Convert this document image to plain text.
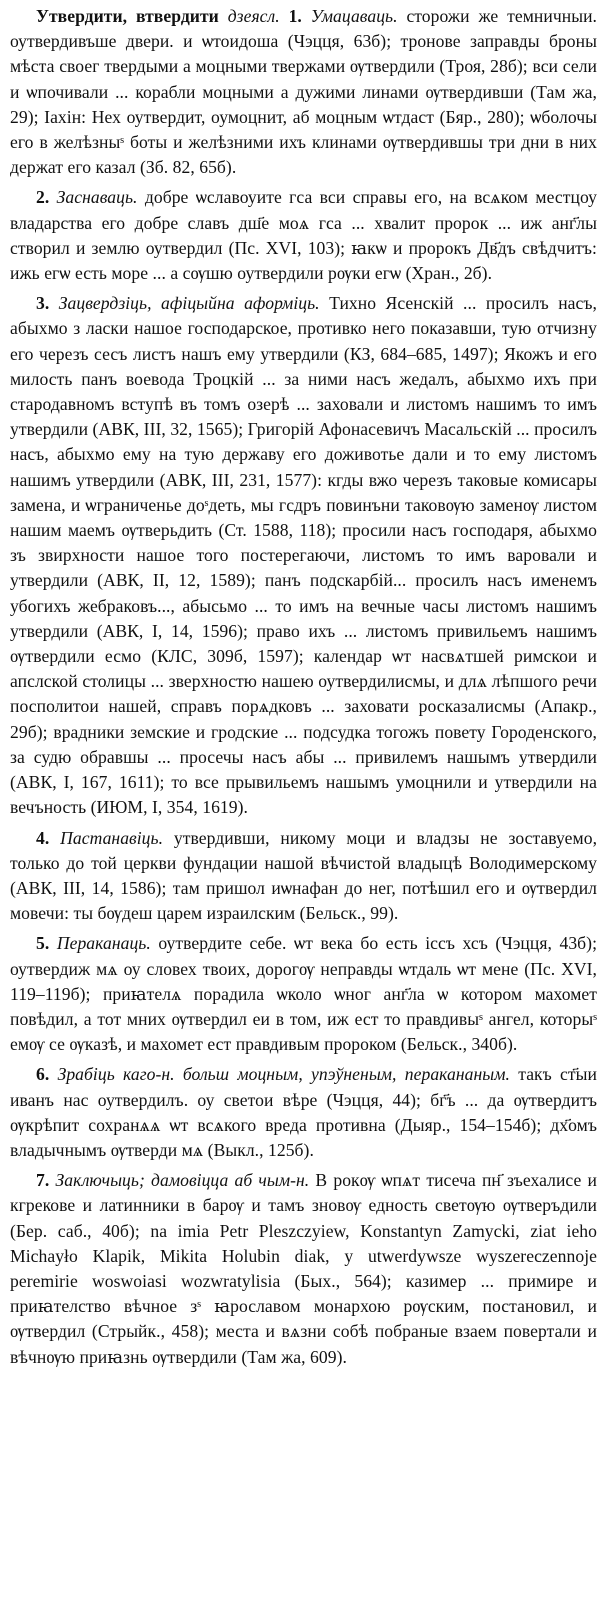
Утвердити, втвердити дзеясл. 1. Умацаваць. сторожи же темничныи. оутвердивъше двери. и ѡтоидоша (Чэцця, 63б); тронове заправды броны мѣста своег твердыми а моцными твержами ѹтвердили (Троя, 28б); вси сели и ѡпочивали ... корабли моцными а дужими линами ѹтвердивши (Там жа, 29); Іахін: Нех оутвердит, оумоцнит, аб моцным ѡтдаст (Бяр., 280); ѡболочы его в желѣзныˢ боты и желѣзними ихъ клинами ѹтвердившы три дни в них держат его казал (Зб. 82, 65б).

2. Заснаваць. добре ѡславоуите гса вси справы его, на всѧком местцоу владарства его добре славъ дш҃е моѧ гса ... хвалит пророк ... иж анг҃лы створил и землю оутвердил (Пс. XVI, 103); ꙗкѡ и пророкъ Дв҃дъ свѣдчитъ: ижь егѡ есть море ... а сѹшю оутвердили рѹки егѡ (Хран., 2б).

3. Зацвердзіць, афіцыйна аформіць. Тихно Ясенскій ... просилъ насъ, абыхмо з ласки нашое господарское, противко него показавши, тую отчизну его черезъ сесъ листъ нашъ ему утвердили (КЗ, 684–685, 1497); Якожъ и его милость панъ воевода Троцкій ... за ними насъ жедалъ, абыхмо ихъ при стародавномъ вступѣ въ томъ озерѣ ... заховали и листомъ нашимъ то имъ утвердили (АВК, III, 32, 1565); Григорій Афонасевичъ Масальскій ... просилъ насъ, абыхмо ему на тую державу его доживотье дали и то ему листомъ нашимъ утвердили (АВК, III, 231, 1577): кгды вжо черезъ таковые комисары замена, и ѡграниченье доˢдеть, мы гсдръ повинъни таковѹю заменѹ листом нашим маемъ ѹтверьдить (Ст. 1588, 118); просили насъ господаря, абыхмо зъ звирхности нашое того постерегаючи, листомъ то имъ варовали и утвердили (АВК, II, 12, 1589); панъ подскарбій... просилъ насъ именемъ убогихъ жебраковъ..., абысьмо ... то имъ на вечные часы листомъ нашимъ утвердили (АВК, I, 14, 1596); право ихъ ... листомъ привильемъ нашимъ ѹтвердили есмо (КЛС, 309б, 1597); календар ѡт насвѧтшей римскои и апслской столицы ... зверхностю нашею оутвердилисмы, и длѧ лѣпшого речи посполитои нашей, справъ порѧдковъ ... заховати росказалисмы (Апакр., 29б); врадники земские и гродские ... подсудка тогожъ повету Городенского, за судю обравшы ... просечы насъ абы ... привилемъ нашымъ утвердили (АВК, I, 167, 1611); то все прывильемъ нашымъ умоцнили и утвердили на вечъность (ИЮМ, I, 354, 1619).

4. Пастанавіць. утвердивши, никому моци и владзы не зоставуемо, только до той церкви фундации нашой вѣчистой владыцѣ Володимерскому (АВК, III, 14, 1586); там пришол иѡнафан до нег, потѣшил его и ѹтвердил мовечи: ты бѹдеш царем израилским (Бельск., 99).

5. Пераканаць. оутвердите себе. ѡт века бо есть іссъ хсъ (Чэцця, 43б); оутвердиж мѧ оу словех твоих, дорогѹ неправды ѡтдаль ѡт мене (Пс. XVI, 119–119б); приꙗтелѧ порадила ѡколо ѡног анг҃ла ѡ котором махомет повѣдил, а тот мних ѹтвердил еи в том, иж ест то правдивыˢ ангел, которыˢ емѹ се ѹказѣ, и махомет ест правдивым пророком (Бельск., 340б).

6. Зрабіць каго-н. больш моцным, упэўненым, перакананым. такъ ст҃ыи иванъ нас оутвердилъ. оу светои вѣре (Чэцця, 44); бг҃ъ ... да ѹтвердитъ ѹкрѣпит сохранѧѧ ѡт всѧкого вреда противна (Дыяр., 154–154б); дх҃омъ владычнымъ ѹтверди мѧ (Выкл., 125б).

7. Заключыць; дамовіцца аб чым-н. В рокѹ ѡпѧт тисеча пн҃ зъехалисе и кгрекове и латинники в барѹ и тамъ зновѹ едность светѹю ѹтверъдили (Бер. саб., 40б); na imia Petr Pleszczyiew, Konstantyn Zamycki, ziat ieho Michayło Klapik, Mikita Holubin diak, y utwerdywsze wyszereczennoje peremirie woswoiasi wozwratylisia (Бых., 564); казимер ... примире и приꙗтелство вѣчное зˢ ꙗрославом монархою рѹским, постановил, и ѹтвердил (Стрыйк., 458); места и вѧзни собѣ побраные взаем повертали и вѣчнѹю приꙗзнь ѹтвердили (Там жа, 609).
